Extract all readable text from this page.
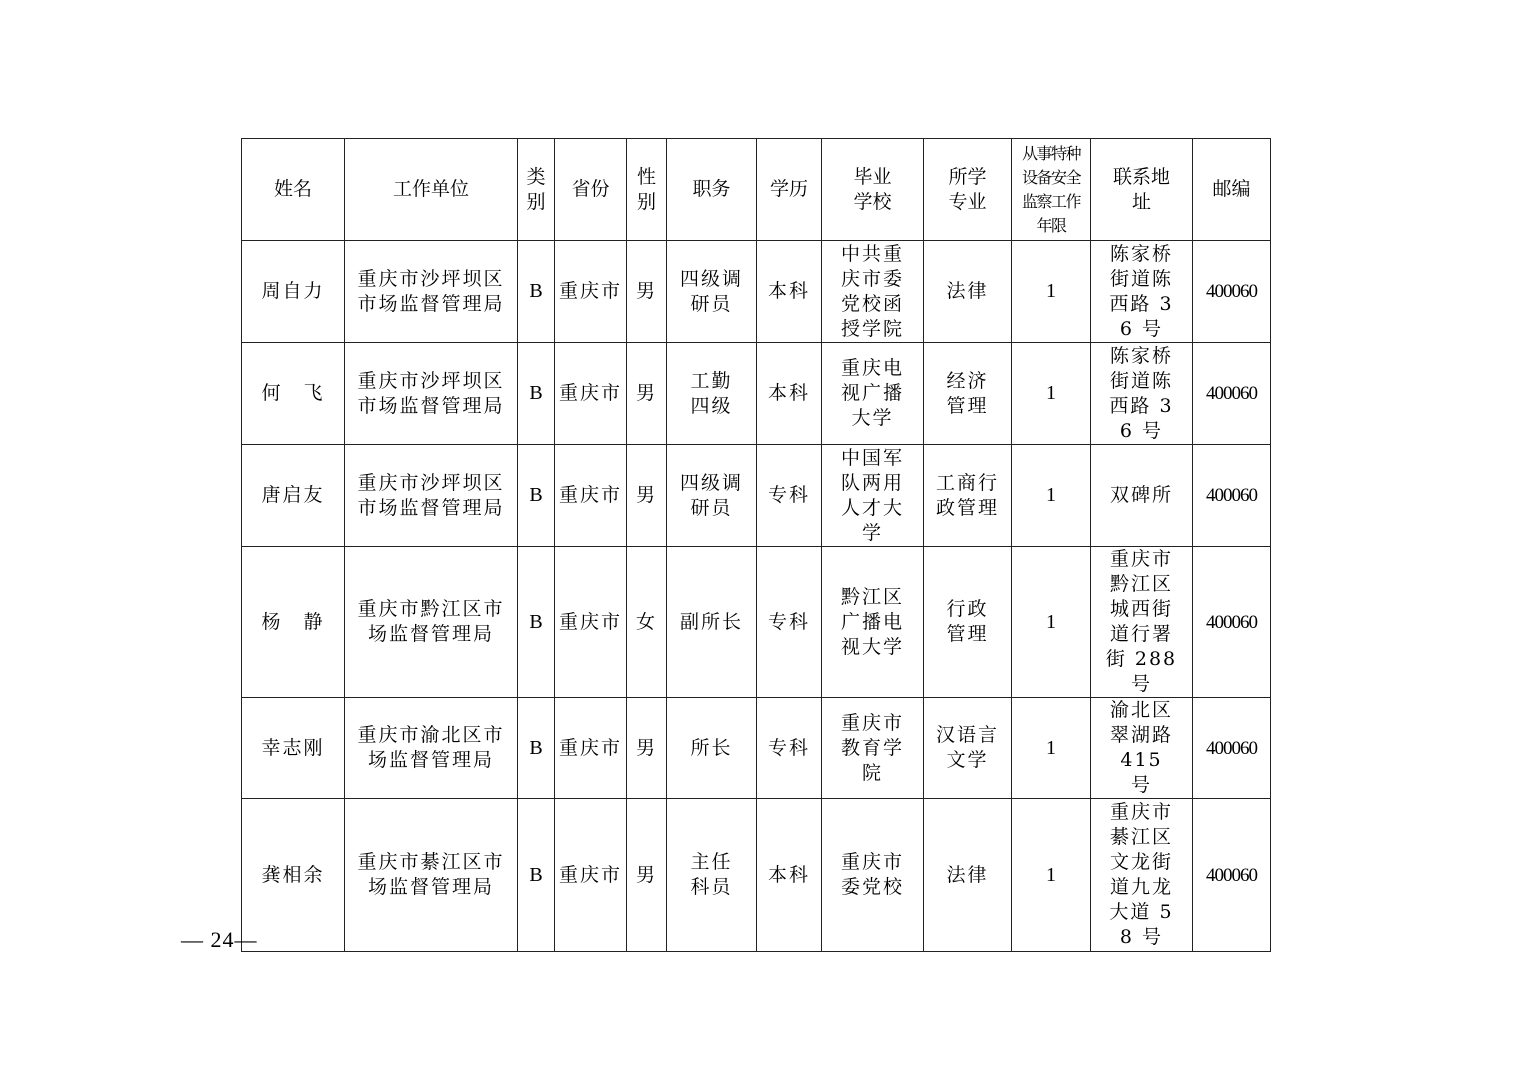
姓名	工作单位	类别	省份	性别	职务	学历	毕业学校	所学专业	从事特种设备安全监察工作年限	联系地址	邮编
周自力	重庆市沙坪坝区市场监督管理局	B	重庆市	男	四级调研员	本科	中共重庆市委党校函授学院	法律	1	陈家桥街道陈西路 36 号	400060
何　飞	重庆市沙坪坝区市场监督管理局	B	重庆市	男	工勤四级	本科	重庆电视广播大学	经济管理	1	陈家桥街道陈西路 36 号	400060
唐启友	重庆市沙坪坝区市场监督管理局	B	重庆市	男	四级调研员	专科	中国军队两用人才大学	工商行政管理	1	双碑所	400060
杨　静	重庆市黔江区市场监督管理局	B	重庆市	女	副所长	专科	黔江区广播电视大学	行政管理	1	重庆市黔江区城西街道行署街 288 号	400060
幸志刚	重庆市渝北区市场监督管理局	B	重庆市	男	所长	专科	重庆市教育学院	汉语言文学	1	渝北区翠湖路 415 号	400060
龚相余	重庆市綦江区市场监督管理局	B	重庆市	男	主任科员	本科	重庆市委党校	法律	1	重庆市綦江区文龙街道九龙大道 58 号	400060
— 24—
